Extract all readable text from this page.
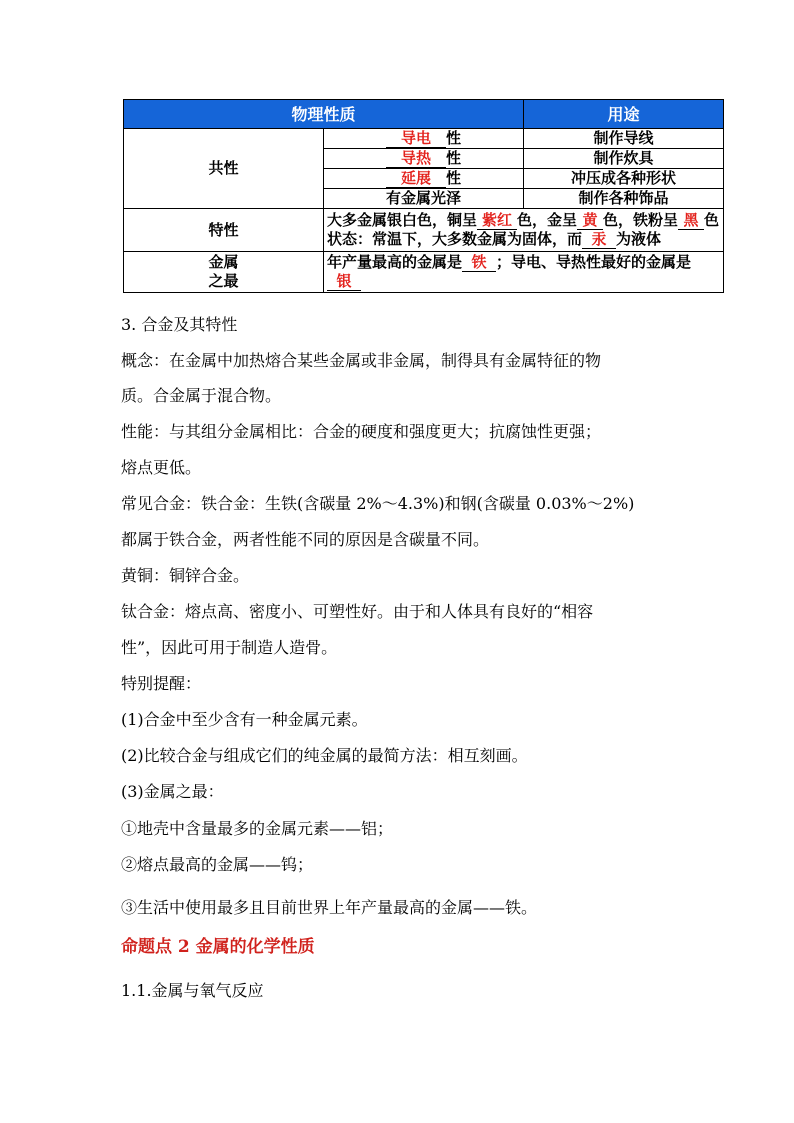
物理性质		用途
共性	导电 性	制作导线
	导热 性	制作炊具
	延展 性	冲压成各种形状
	有金属光泽	制作各种饰品
特性	大多金属银白色，铜呈 紫红 色，金呈 黄 色，铁粉呈 黑 色
状态：常温下，大多数金属为固体，而 汞 为液体	

金属
之最	年产量最高的金属是 铁 ；导电、导热性最好的金属是银	
3. 合金及其特性
概念：在金属中加热熔合某些金属或非金属，制得具有金属特征的物
质。合金属于混合物。
性能：与其组分金属相比：合金的硬度和强度更大；抗腐蚀性更强；
熔点更低。
常见合金：铁合金：生铁(含碳量 2%～4.3%)和钢(含碳量 0.03%～2%)
都属于铁合金，两者性能不同的原因是含碳量不同。
黄铜：铜锌合金。
钛合金：熔点高、密度小、可塑性好。由于和人体具有良好的“相容
性”，因此可用于制造人造骨。
特别提醒：
(1)合金中至少含有一种金属元素。
(2)比较合金与组成它们的纯金属的最简方法：相互刻画。
(3)金属之最：
①地壳中含量最多的金属元素——铝；
②熔点最高的金属——钨；
③生活中使用最多且目前世界上年产量最高的金属——铁。
命题点 2 金属的化学性质
1.1.金属与氧气反应
